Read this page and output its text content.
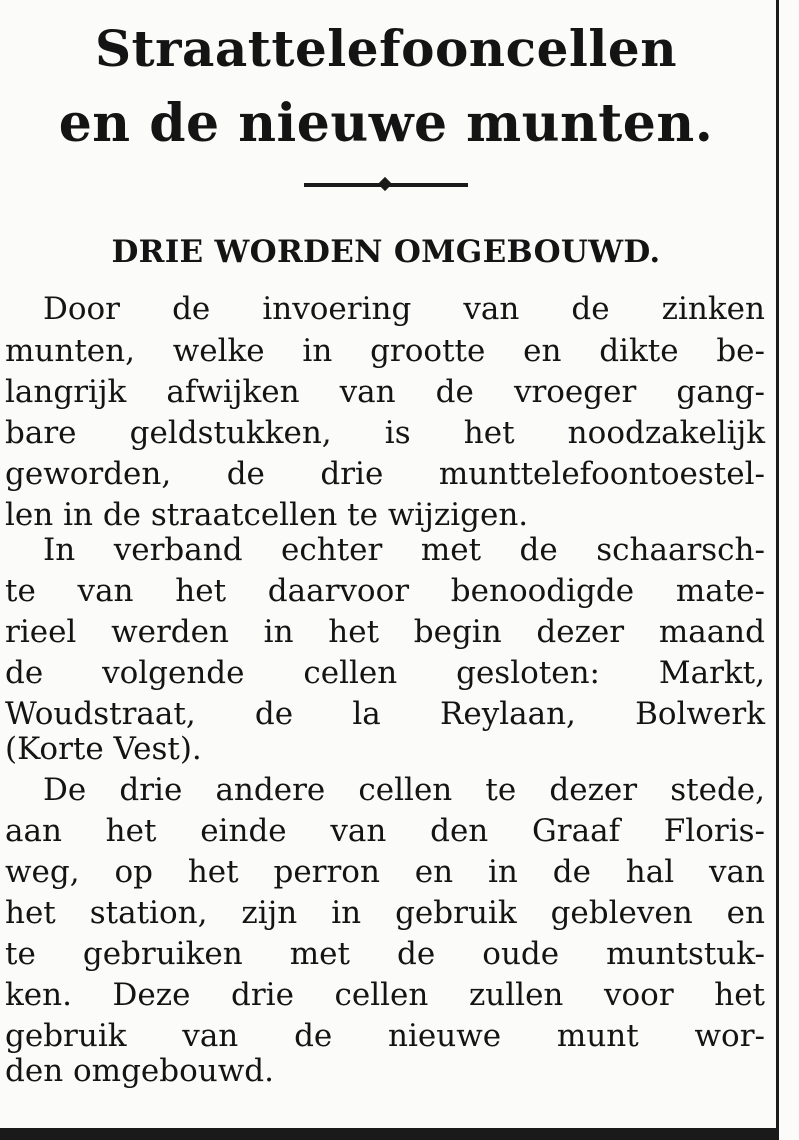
Straattelefooncellen
en de nieuwe munten.
DRIE WORDEN OMGEBOUWD.
Door de invoering van de zinken
munten, welke in grootte en dikte be-
langrijk afwijken van de vroeger gang-
bare geldstukken, is het noodzakelijk
geworden, de drie munttelefoontoestel-
len in de straatcellen te wijzigen.
In verband echter met de schaarsch-
te van het daarvoor benoodigde mate-
rieel werden in het begin dezer maand
de volgende cellen gesloten: Markt,
Woudstraat, de la Reylaan, Bolwerk
(Korte Vest).
De drie andere cellen te dezer stede,
aan het einde van den Graaf Floris-
weg, op het perron en in de hal van
het station, zijn in gebruik gebleven en
te gebruiken met de oude muntstuk-
ken. Deze drie cellen zullen voor het
gebruik van de nieuwe munt wor-
den omgebouwd.
